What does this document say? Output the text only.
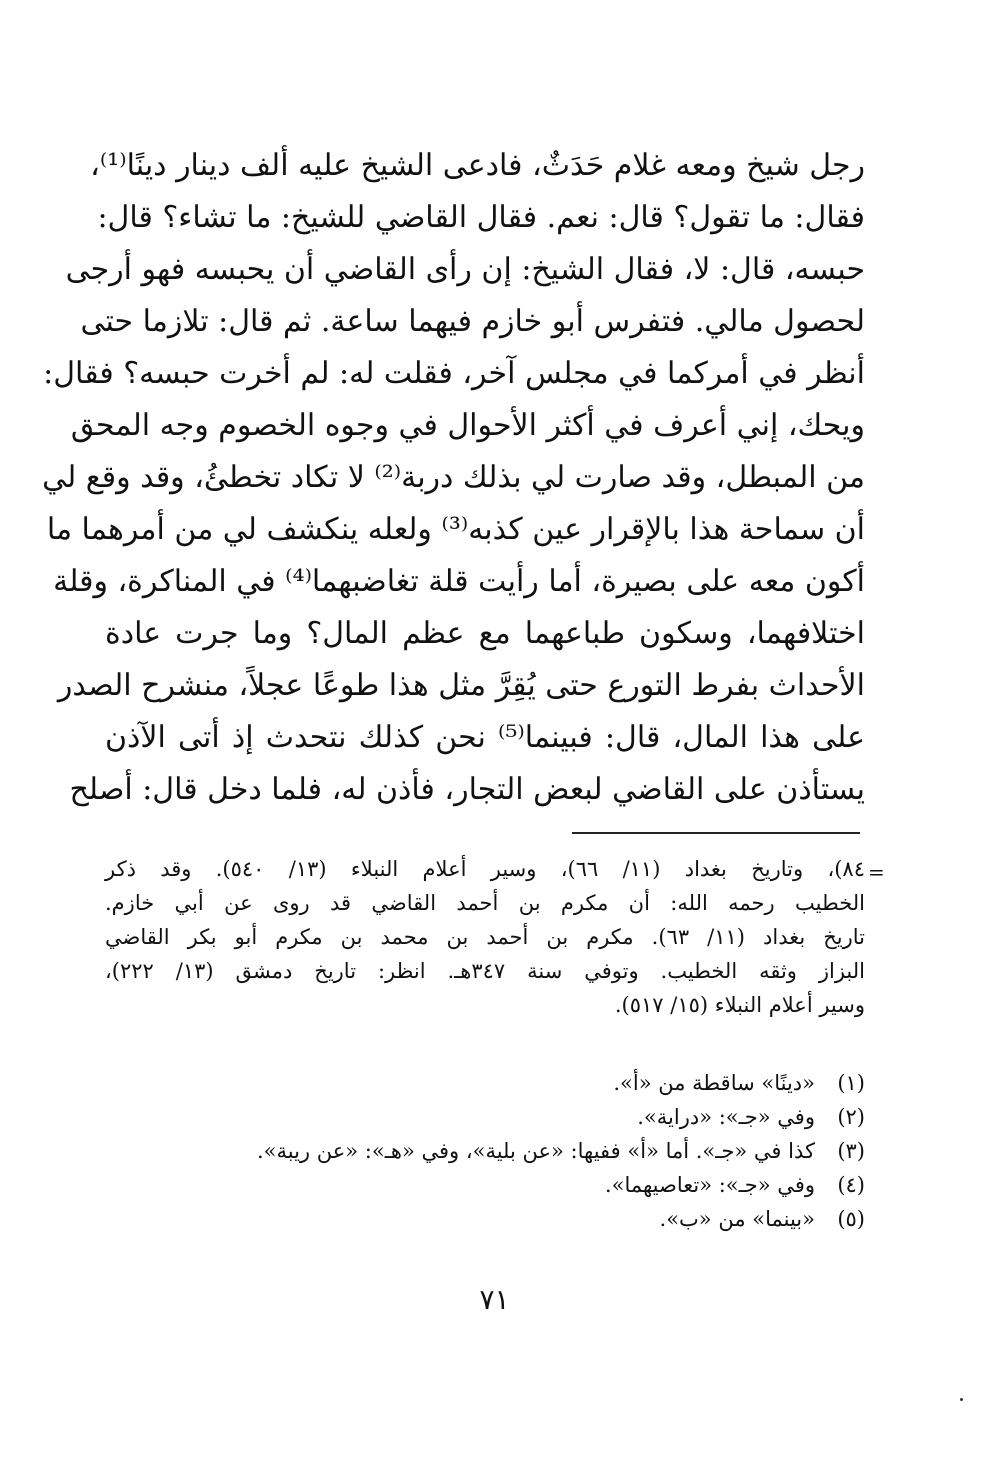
رجل شيخ ومعه غلام حَدَثٌ، فادعى الشيخ عليه ألف دينار دينًا⁽¹⁾،
فقال: ما تقول؟ قال: نعم. فقال القاضي للشيخ: ما تشاء؟ قال:
حبسه، قال: لا، فقال الشيخ: إن رأى القاضي أن يحبسه فهو أرجى
لحصول مالي. فتفرس أبو خازم فيهما ساعة. ثم قال: تلازما حتى
أنظر في أمركما في مجلس آخر، فقلت له: لم أخرت حبسه؟ فقال:
ويحك، إني أعرف في أكثر الأحوال في وجوه الخصوم وجه المحق
من المبطل، وقد صارت لي بذلك دربة⁽²⁾ لا تكاد تخطئُ، وقد وقع لي
أن سماحة هذا بالإقرار عين كذبه⁽³⁾ ولعله ينكشف لي من أمرهما ما
أكون معه على بصيرة، أما رأيت قلة تغاضبهما⁽⁴⁾ في المناكرة، وقلة
اختلافهما، وسكون طباعهما مع عظم المال؟ وما جرت عادة
الأحداث بفرط التورع حتى يُقِرَّ مثل هذا طوعًا عجلاً، منشرح الصدر
على هذا المال، قال: فبينما⁽⁵⁾ نحن كذلك نتحدث إذ أتى الآذن
يستأذن على القاضي لبعض التجار، فأذن له، فلما دخل قال: أصلح
=
٨٤)، وتاريخ بغداد (١١/ ٦٦)، وسير أعلام النبلاء (١٣/ ٥٤٠). وقد ذكر
الخطيب رحمه الله: أن مكرم بن أحمد القاضي قد روى عن أبي خازم.
تاريخ بغداد (١١/ ٦٣). مكرم بن أحمد بن محمد بن مكرم أبو بكر القاضي
البزاز وثقه الخطيب. وتوفي سنة ٣٤٧هـ. انظر: تاريخ دمشق (١٣/ ٢٢٢)،
وسير أعلام النبلاء (١٥/ ٥١٧).
(١)
«دينًا» ساقطة من «أ».
(٢)
وفي «جـ»: «دراية».
(٣)
كذا في «جـ». أما «أ» ففيها: «عن بلية»، وفي «هـ»: «عن ريبة».
(٤)
وفي «جـ»: «تعاصيهما».
(٥)
«بينما» من «ب».
٧١
